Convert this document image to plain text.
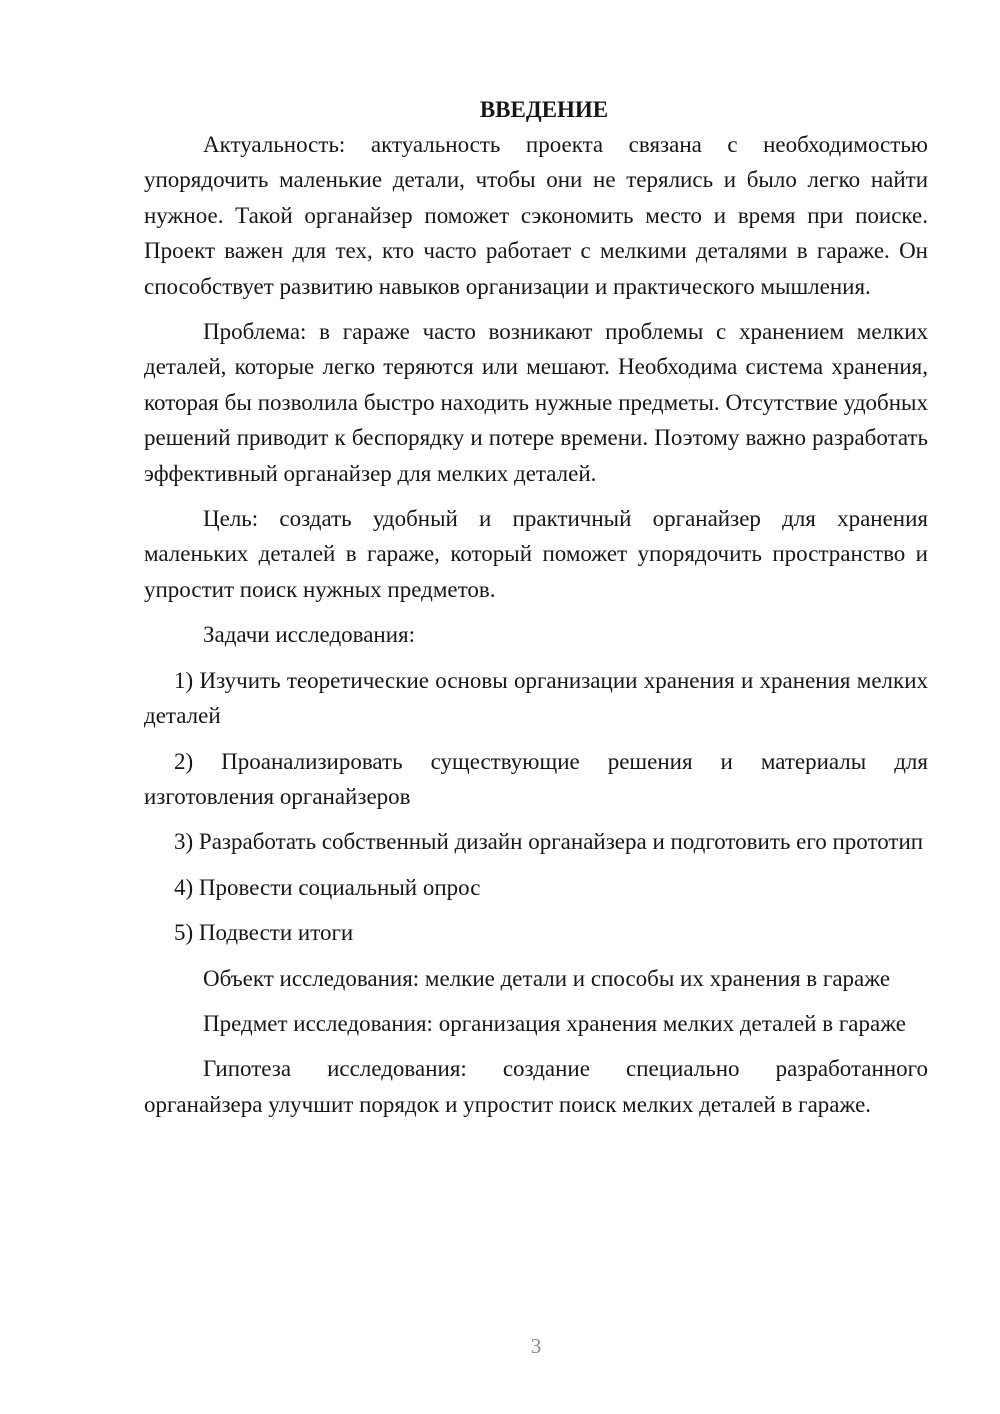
ВВЕДЕНИЕ

Актуальность: актуальность проекта связана с необходимостью упорядочить маленькие детали, чтобы они не терялись и было легко найти нужное. Такой органайзер поможет сэкономить место и время при поиске. Проект важен для тех, кто часто работает с мелкими деталями в гараже. Он способствует развитию навыков организации и практического мышления.

Проблема: в гараже часто возникают проблемы с хранением мелких деталей, которые легко теряются или мешают. Необходима система хранения, которая бы позволила быстро находить нужные предметы. Отсутствие удобных решений приводит к беспорядку и потере времени. Поэтому важно разработать эффективный органайзер для мелких деталей.

Цель: создать удобный и практичный органайзер для хранения маленьких деталей в гараже, который поможет упорядочить пространство и упростит поиск нужных предметов.

Задачи исследования:

1) Изучить теоретические основы организации хранения и хранения мелких деталей

2) Проанализировать существующие решения и материалы для изготовления органайзеров

3) Разработать собственный дизайн органайзера и подготовить его прототип

4) Провести социальный опрос

5) Подвести итоги

Объект исследования: мелкие детали и способы их хранения в гараже

Предмет исследования: организация хранения мелких деталей в гараже

Гипотеза исследования: создание специально разработанного органайзера улучшит порядок и упростит поиск мелких деталей в гараже.

3
